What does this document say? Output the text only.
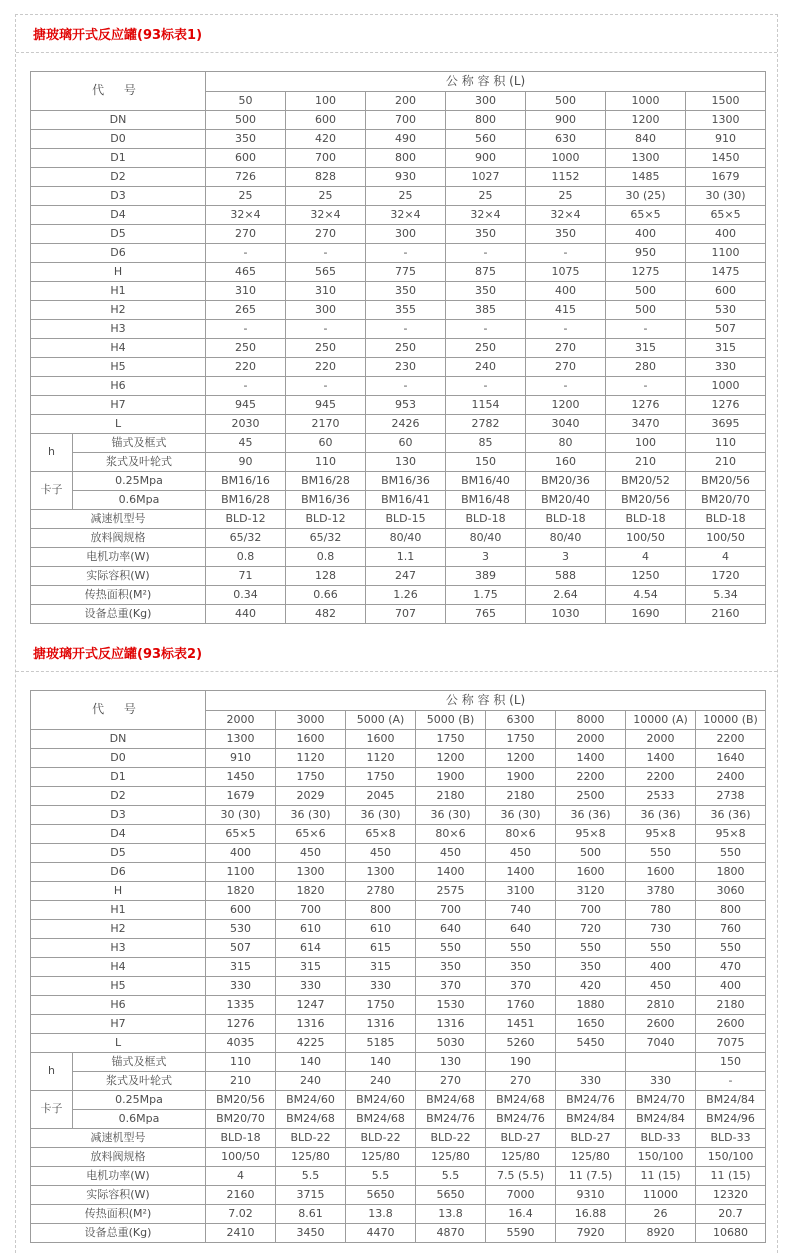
搪玻璃开式反应罐(93标表1)
代 号		公 称 容 积 (L)						
		50	100	200	300	500	1000	1500
DN		500	600	700	800	900	1200	1300
D0		350	420	490	560	630	840	910
D1		600	700	800	900	1000	1300	1450
D2		726	828	930	1027	1152	1485	1679
D3		25	25	25	25	25	30 (25)	30 (30)
D4		32×4	32×4	32×4	32×4	32×4	65×5	65×5
D5		270	270	300	350	350	400	400
D6		-	-	-	-	-	950	1100
H		465	565	775	875	1075	1275	1475
H1		310	310	350	350	400	500	600
H2		265	300	355	385	415	500	530
H3		-	-	-	-	-	-	507
H4		250	250	250	250	270	315	315
H5		220	220	230	240	270	280	330
H6		-	-	-	-	-	-	1000
H7		945	945	953	1154	1200	1276	1276
L		2030	2170	2426	2782	3040	3470	3695
h	锚式及框式	45	60	60	85	80	100	110
	浆式及叶轮式	90	110	130	150	160	210	210
卡子	0.25Mpa	BM16/16	BM16/28	BM16/36	BM16/40	BM20/36	BM20/52	BM20/56
	0.6Mpa	BM16/28	BM16/36	BM16/41	BM16/48	BM20/40	BM20/56	BM20/70
减速机型号		BLD-12	BLD-12	BLD-15	BLD-18	BLD-18	BLD-18	BLD-18
放料阀规格		65/32	65/32	80/40	80/40	80/40	100/50	100/50
电机功率(W)		0.8	0.8	1.1	3	3	4	4
实际容积(W)		71	128	247	389	588	1250	1720
传热面积(M²)		0.34	0.66	1.26	1.75	2.64	4.54	5.34
设备总重(Kg)		440	482	707	765	1030	1690	2160
搪玻璃开式反应罐(93标表2)
代 号		公 称 容 积 (L)							
		2000	3000	5000 (A)	5000 (B)	6300	8000	10000 (A)	10000 (B)
DN		1300	1600	1600	1750	1750	2000	2000	2200
D0		910	1120	1120	1200	1200	1400	1400	1640
D1		1450	1750	1750	1900	1900	2200	2200	2400
D2		1679	2029	2045	2180	2180	2500	2533	2738
D3		30 (30)	36 (30)	36 (30)	36 (30)	36 (30)	36 (36)	36 (36)	36 (36)
D4		65×5	65×6	65×8	80×6	80×6	95×8	95×8	95×8
D5		400	450	450	450	450	500	550	550
D6		1100	1300	1300	1400	1400	1600	1600	1800
H		1820	1820	2780	2575	3100	3120	3780	3060
H1		600	700	800	700	740	700	780	800
H2		530	610	610	640	640	720	730	760
H3		507	614	615	550	550	550	550	550
H4		315	315	315	350	350	350	400	470
H5		330	330	330	370	370	420	450	400
H6		1335	1247	1750	1530	1760	1880	2810	2180
H7		1276	1316	1316	1316	1451	1650	2600	2600
L		4035	4225	5185	5030	5260	5450	7040	7075
h	锚式及框式	110	140	140	130	190			150
	浆式及叶轮式	210	240	240	270	270	330	330	-
卡子	0.25Mpa	BM20/56	BM24/60	BM24/60	BM24/68	BM24/68	BM24/76	BM24/70	BM24/84
	0.6Mpa	BM20/70	BM24/68	BM24/68	BM24/76	BM24/76	BM24/84	BM24/84	BM24/96
减速机型号		BLD-18	BLD-22	BLD-22	BLD-22	BLD-27	BLD-27	BLD-33	BLD-33
放料阀规格		100/50	125/80	125/80	125/80	125/80	125/80	150/100	150/100
电机功率(W)		4	5.5	5.5	5.5	7.5 (5.5)	11 (7.5)	11 (15)	11 (15)
实际容积(W)		2160	3715	5650	5650	7000	9310	11000	12320
传热面积(M²)		7.02	8.61	13.8	13.8	16.4	16.88	26	20.7
设备总重(Kg)		2410	3450	4470	4870	5590	7920	8920	10680
